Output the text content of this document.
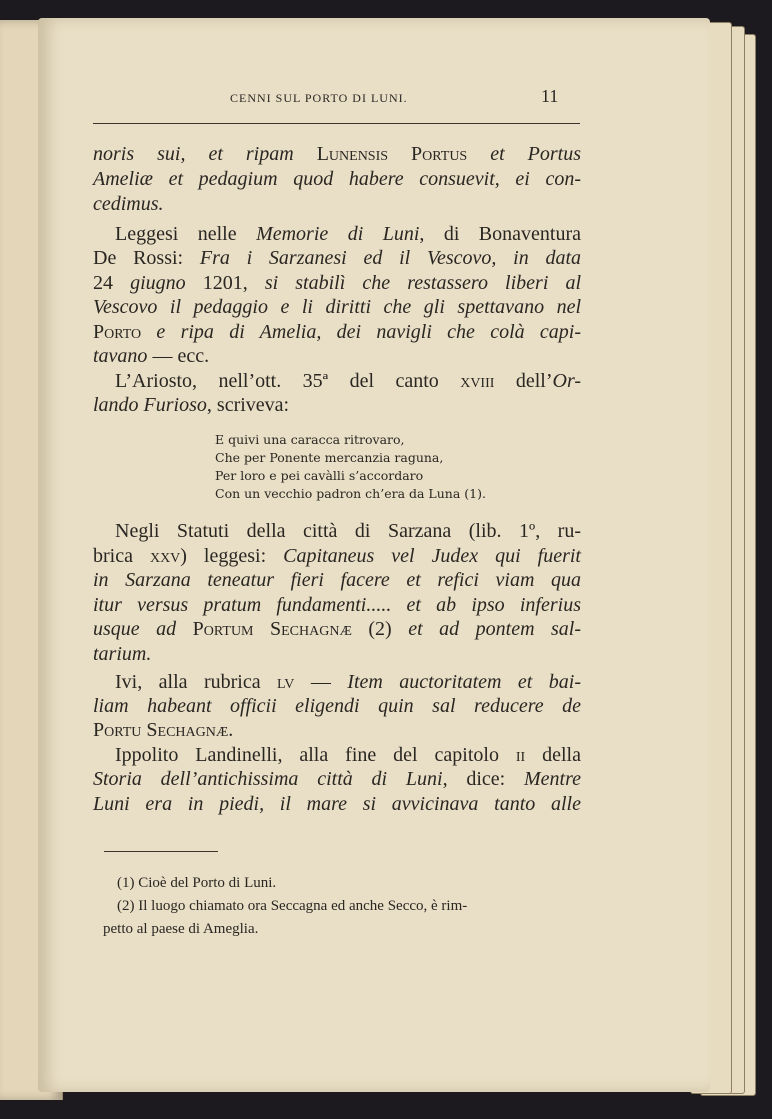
CENNI SUL PORTO DI LUNI.	11
noris sui, et ripam Lunensis Portus et Portus
Ameliæ et pedagium quod habere consuevit, ei con-
cedimus.
Leggesi nelle Memorie di Luni, di Bonaventura
De Rossi: Fra i Sarzanesi ed il Vescovo, in data
24 giugno 1201, si stabilì che restassero liberi al
Vescovo il pedaggio e li diritti che gli spettavano nel
Porto e ripa di Amelia, dei navigli che colà capi-
tavano — ecc.
L’Ariosto, nell’ott. 35ª del canto xviii dell’Or-
lando Furioso, scriveva:
Negli Statuti della città di Sarzana (lib. 1º, ru-
brica xxv) leggesi: Capitaneus vel Judex qui fuerit
in Sarzana teneatur fieri facere et refici viam qua
itur versus pratum fundamenti..... et ab ipso inferius
usque ad Portum Sechagnæ (2) et ad pontem sal-
tarium.
Ivi, alla rubrica lv — Item auctoritatem et bai-
liam habeant officii eligendi quin sal reducere de
Portu Sechagnæ.
Ippolito Landinelli, alla fine del capitolo ii della
Storia dell’antichissima città di Luni, dice: Mentre
Luni era in piedi, il mare si avvicinava tanto alle
(1) Cioè del Porto di Luni.
(2) Il luogo chiamato ora Seccagna ed anche Secco, è rim-
petto al paese di Ameglia.
E quivi una caracca ritrovaro,
Che per Ponente mercanzia raguna,
Per loro e pei cavàlli s’accordaro
Con un vecchio padron ch’era da Luna (1).
